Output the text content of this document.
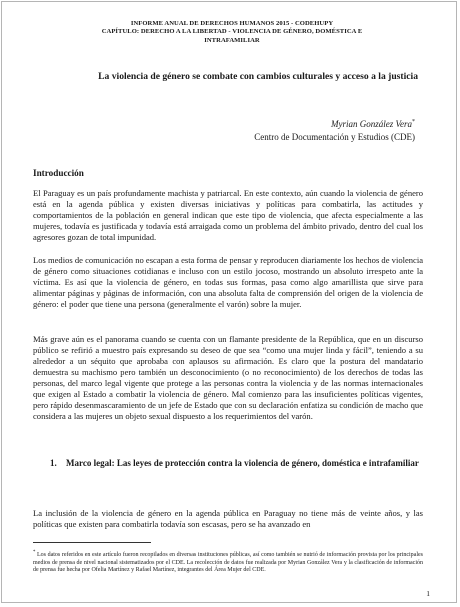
INFORME ANUAL DE DERECHOS HUMANOS 2015 - CODEHUPY
CAPÍTULO: DERECHO A LA LIBERTAD - VIOLENCIA DE GÉNERO, DOMÉSTICA E
INTRAFAMILIAR
La violencia de género se combate con cambios culturales y acceso a la justicia
Myrian González Vera*
Centro de Documentación y Estudios (CDE)
Introducción
El Paraguay es un país profundamente machista y patriarcal. En este contexto, aún cuando la violencia de género está en la agenda pública y existen diversas iniciativas y políticas para combatirla, las actitudes y comportamientos de la población en general indican que este tipo de violencia, que afecta especialmente a las mujeres, todavía es justificada y todavía está arraigada como un problema del ámbito privado, dentro del cual los agresores gozan de total impunidad.
Los medios de comunicación no escapan a esta forma de pensar y reproducen diariamente los hechos de violencia de género como situaciones cotidianas e incluso con un estilo jocoso, mostrando un absoluto irrespeto ante la víctima. Es así que la violencia de género, en todas sus formas, pasa como algo amarillista que sirve para alimentar páginas y páginas de información, con una absoluta falta de comprensión del origen de la violencia de género: el poder que tiene una persona (generalmente el varón) sobre la mujer.
Más grave aún es el panorama cuando se cuenta con un flamante presidente de la República, que en un discurso público se refirió a muestro país expresando su deseo de que sea “como una mujer linda y fácil”, teniendo a su alrededor a un séquito que aprobaba con aplausos su afirmación. Es claro que la postura del mandatario demuestra su machismo pero también un desconocimiento (o no reconocimiento) de los derechos de todas las personas, del marco legal vigente que protege a las personas contra la violencia y de las normas internacionales que exigen al Estado a combatir la violencia de género. Mal comienzo para las insuficientes políticas vigentes, pero rápido desenmascaramiento de un jefe de Estado que con su declaración enfatiza su condición de macho que considera a las mujeres un objeto sexual dispuesto a los requerimientos del varón.
1. Marco legal: Las leyes de protección contra la violencia de género, doméstica e intrafamiliar
La inclusión de la violencia de género en la agenda pública en Paraguay no tiene más de veinte años, y las políticas que existen para combatirla todavía son escasas, pero se ha avanzado en
* Los datos referidos en este artículo fueron recopilados en diversas instituciones públicas, así como también se nutrió de información provista por los principales medios de prensa de nivel nacional sistematizados por el CDE. La recolección de datos fue realizada por Myrian González Vera y la clasificación de información de prensa fue hecha por Ofelia Martínez y Rafael Martínez, integrantes del Área Mujer del CDE.
1
